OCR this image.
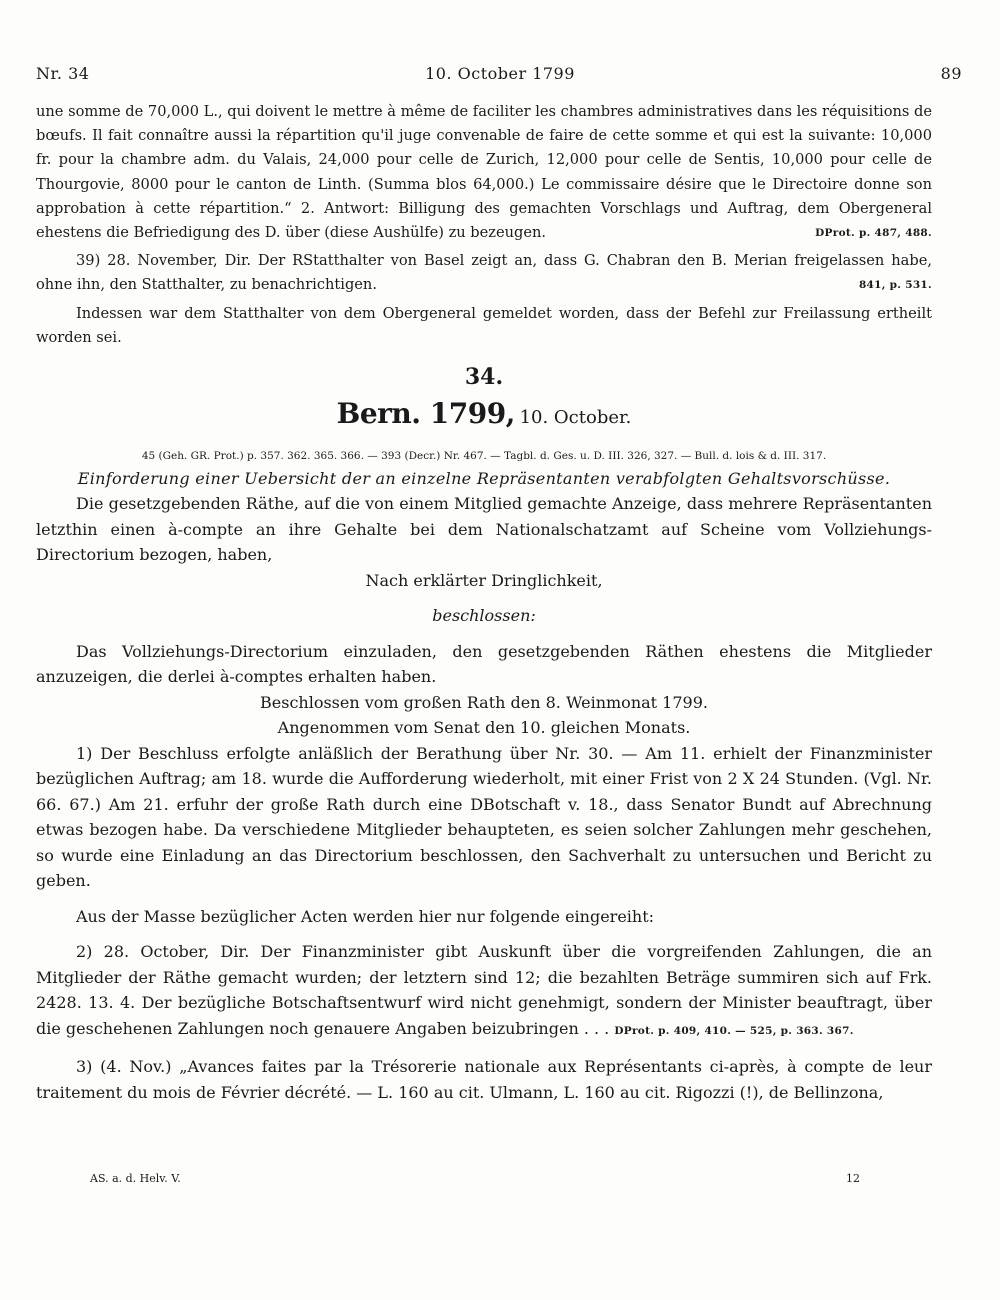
Nr. 34	10. October 1799	89

une somme de 70,000 L., qui doivent le mettre à même de faciliter les chambres administratives dans les réquisitions de bœufs. Il fait connaître aussi la répartition qu'il juge convenable de faire de cette somme et qui est la suivante: 10,000 fr. pour la chambre adm. du Valais, 24,000 pour celle de Zurich, 12,000 pour celle de Sentis, 10,000 pour celle de Thourgovie, 8000 pour le canton de Linth. (Summa blos 64,000.) Le commissaire désire que le Directoire donne son approbation à cette répartition.“ 2. Antwort: Billigung des gemachten Vorschlags und Auftrag, dem Obergeneral ehestens die Befriedigung des D. über (diese Aushülfe) zu bezeugen.	DProt. p. 487, 488.

39) 28. November, Dir. Der RStatthalter von Basel zeigt an, dass G. Chabran den B. Merian freigelassen habe, ohne ihn, den Statthalter, zu benachrichtigen.	841, p. 531.

Indessen war dem Statthalter von dem Obergeneral gemeldet worden, dass der Befehl zur Freilassung ertheilt worden sei.

34.

Bern. 1799, 10. October.

45 (Geh. GR. Prot.) p. 357. 362. 365. 366. — 393 (Decr.) Nr. 467. — Tagbl. d. Ges. u. D. III. 326, 327. — Bull. d. lois & d. III. 317.

Einforderung einer Uebersicht der an einzelne Repräsentanten verabfolgten Gehaltsvorschüsse.

Die gesetzgebenden Räthe, auf die von einem Mitglied gemachte Anzeige, dass mehrere Repräsentanten letzthin einen à-compte an ihre Gehalte bei dem Nationalschatzamt auf Scheine vom Vollziehungs-Directorium bezogen, haben,

Nach erklärter Dringlichkeit,

beschlossen:

Das Vollziehungs-Directorium einzuladen, den gesetzgebenden Räthen ehestens die Mitglieder anzuzeigen, die derlei à-comptes erhalten haben.

Beschlossen vom großen Rath den 8. Weinmonat 1799.

Angenommen vom Senat den 10. gleichen Monats.

1) Der Beschluss erfolgte anläßlich der Berathung über Nr. 30. — Am 11. erhielt der Finanzminister bezüglichen Auftrag; am 18. wurde die Aufforderung wiederholt, mit einer Frist von 2 X 24 Stunden. (Vgl. Nr. 66. 67.) Am 21. erfuhr der große Rath durch eine DBotschaft v. 18., dass Senator Bundt auf Abrechnung etwas bezogen habe. Da verschiedene Mitglieder behaupteten, es seien solcher Zahlungen mehr geschehen, so wurde eine Einladung an das Directorium beschlossen, den Sachverhalt zu untersuchen und Bericht zu geben.

Aus der Masse bezüglicher Acten werden hier nur folgende eingereiht:

2) 28. October, Dir. Der Finanzminister gibt Auskunft über die vorgreifenden Zahlungen, die an Mitglieder der Räthe gemacht wurden; der letztern sind 12; die bezahlten Beträge summiren sich auf Frk. 2428. 13. 4. Der bezügliche Botschaftsentwurf wird nicht genehmigt, sondern der Minister beauftragt, über die geschehenen Zahlungen noch genauere Angaben beizubringen . . . DProt. p. 409, 410. — 525, p. 363. 367.

3) (4. Nov.) „Avances faites par la Trésorerie nationale aux Représentants ci-après, à compte de leur traitement du mois de Février décrété. — L. 160 au cit. Ulmann, L. 160 au cit. Rigozzi (!), de Bellinzona,

AS. a. d. Helv. V.	12
